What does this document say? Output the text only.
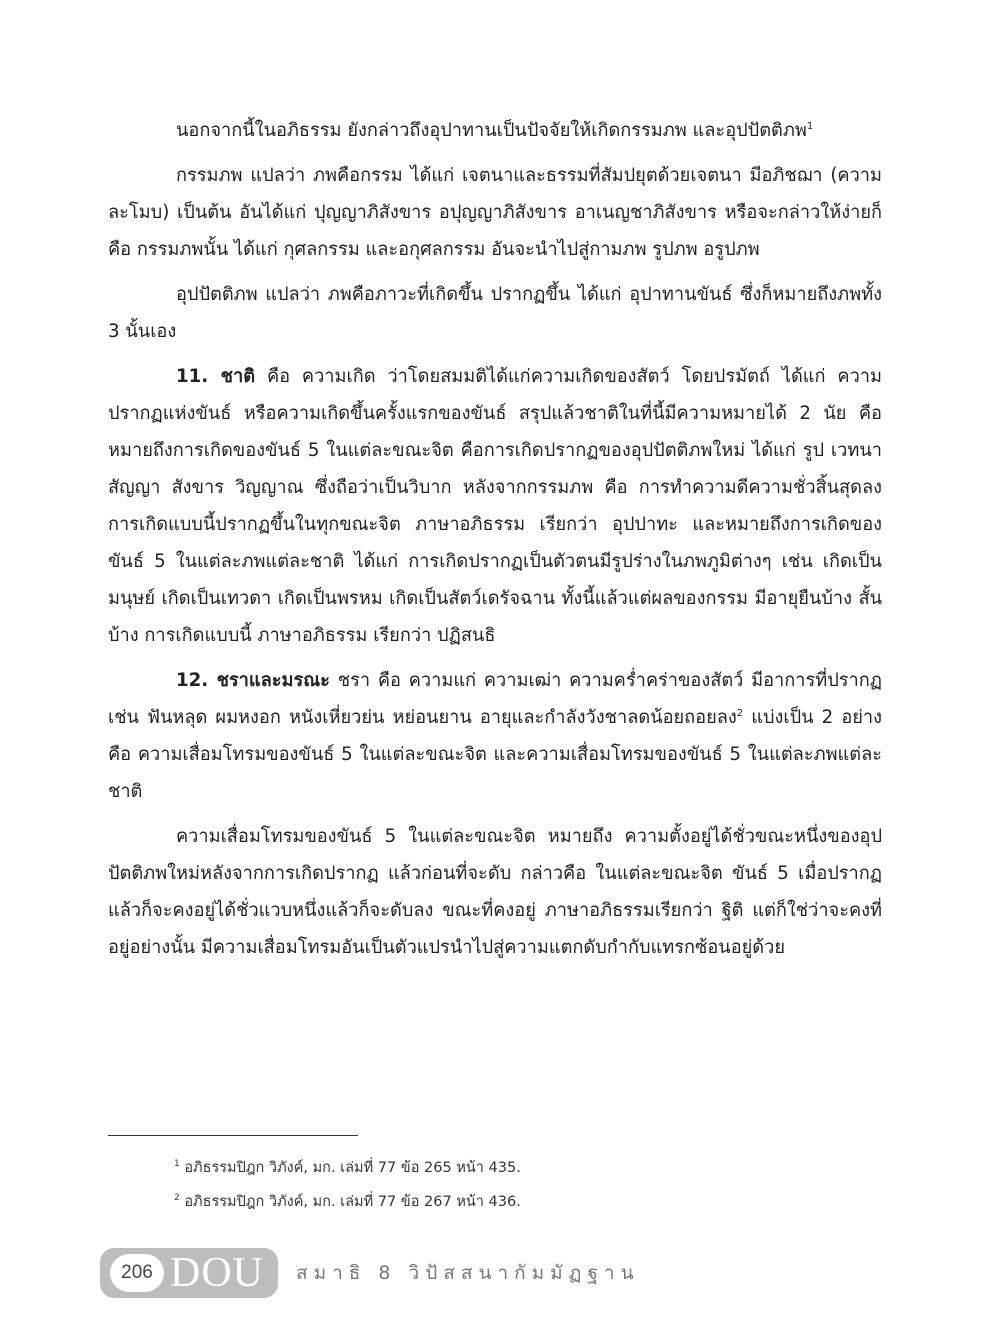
นอกจากนี้ในอภิธรรม ยังกล่าวถึงอุปาทานเป็นปัจจัยให้เกิดกรรมภพ และอุปปัตติภพ$^1$

กรรมภพ แปลว่า ภพคือกรรม ได้แก่ เจตนาและธรรมที่สัมปยุตด้วยเจตนา มีอภิชฌา (ความละโมบ) เป็นต้น อันได้แก่ ปุญญาภิสังขาร อปุญญาภิสังขาร อาเนญชาภิสังขาร หรือจะกล่าวให้ง่ายก็คือ กรรมภพนั้น ได้แก่ กุศลกรรม และอกุศลกรรม อันจะนำไปสู่กามภพ รูปภพ อรูปภพ

อุปปัตติภพ แปลว่า ภพคือภาวะที่เกิดขึ้น ปรากฏขึ้น ได้แก่ อุปาทานขันธ์ ซึ่งก็หมายถึงภพทั้ง 3 นั้นเอง

11. ชาติ คือ ความเกิด ว่าโดยสมมติได้แก่ความเกิดของสัตว์ โดยปรมัตถ์ ได้แก่ ความปรากฏแห่งขันธ์ หรือความเกิดขึ้นครั้งแรกของขันธ์ สรุปแล้วชาติในที่นี้มีความหมายได้ 2 นัย คือ หมายถึงการเกิดของขันธ์ 5 ในแต่ละขณะจิต คือการเกิดปรากฏของอุปปัตติภพใหม่ ได้แก่ รูป เวทนา สัญญา สังขาร วิญญาณ ซึ่งถือว่าเป็นวิบาก หลังจากกรรมภพ คือ การทำความดีความชั่วสิ้นสุดลง การเกิดแบบนี้ปรากฏขึ้นในทุกขณะจิต ภาษาอภิธรรม เรียกว่า อุปปาทะ และหมายถึงการเกิดของขันธ์ 5 ในแต่ละภพแต่ละชาติ ได้แก่ การเกิดปรากฏเป็นตัวตนมีรูปร่างในภพภูมิต่างๆ เช่น เกิดเป็นมนุษย์ เกิดเป็นเทวดา เกิดเป็นพรหม เกิดเป็นสัตว์เดรัจฉาน ทั้งนี้แล้วแต่ผลของกรรม มีอายุยืนบ้าง สั้นบ้าง การเกิดแบบนี้ ภาษาอภิธรรม เรียกว่า ปฏิสนธิ

12. ชราและมรณะ ชรา คือ ความแก่ ความเฒ่า ความคร่ำคร่าของสัตว์ มีอาการที่ปรากฏ เช่น ฟันหลุด ผมหงอก หนังเหี่ยวย่น หย่อนยาน อายุและกำลังวังชาลดน้อยถอยลง$^2$ แบ่งเป็น 2 อย่าง คือ ความเสื่อมโทรมของขันธ์ 5 ในแต่ละขณะจิต และความเสื่อมโทรมของขันธ์ 5 ในแต่ละภพแต่ละชาติ

ความเสื่อมโทรมของขันธ์ 5 ในแต่ละขณะจิต หมายถึง ความตั้งอยู่ได้ชั่วขณะหนึ่งของอุปปัตติภพใหม่หลังจากการเกิดปรากฏ แล้วก่อนที่จะดับ กล่าวคือ ในแต่ละขณะจิต ขันธ์ 5 เมื่อปรากฏแล้วก็จะคงอยู่ได้ชั่วแวบหนึ่งแล้วก็จะดับลง ขณะที่คงอยู่ ภาษาอภิธรรมเรียกว่า ฐิติ แต่ก็ใช่ว่าจะคงที่อยู่อย่างนั้น มีความเสื่อมโทรมอันเป็นตัวแปรนำไปสู่ความแตกดับกำกับแทรกซ้อนอยู่ด้วย

$^1$ อภิธรรมปิฎก วิภังค์, มก. เล่มที่ 77 ข้อ 265 หน้า 435.

$^2$ อภิธรรมปิฎก วิภังค์, มก. เล่มที่ 77 ข้อ 267 หน้า 436.

206 DOU สมาธิ 8 วิปัสสนากัมมัฏฐาน
